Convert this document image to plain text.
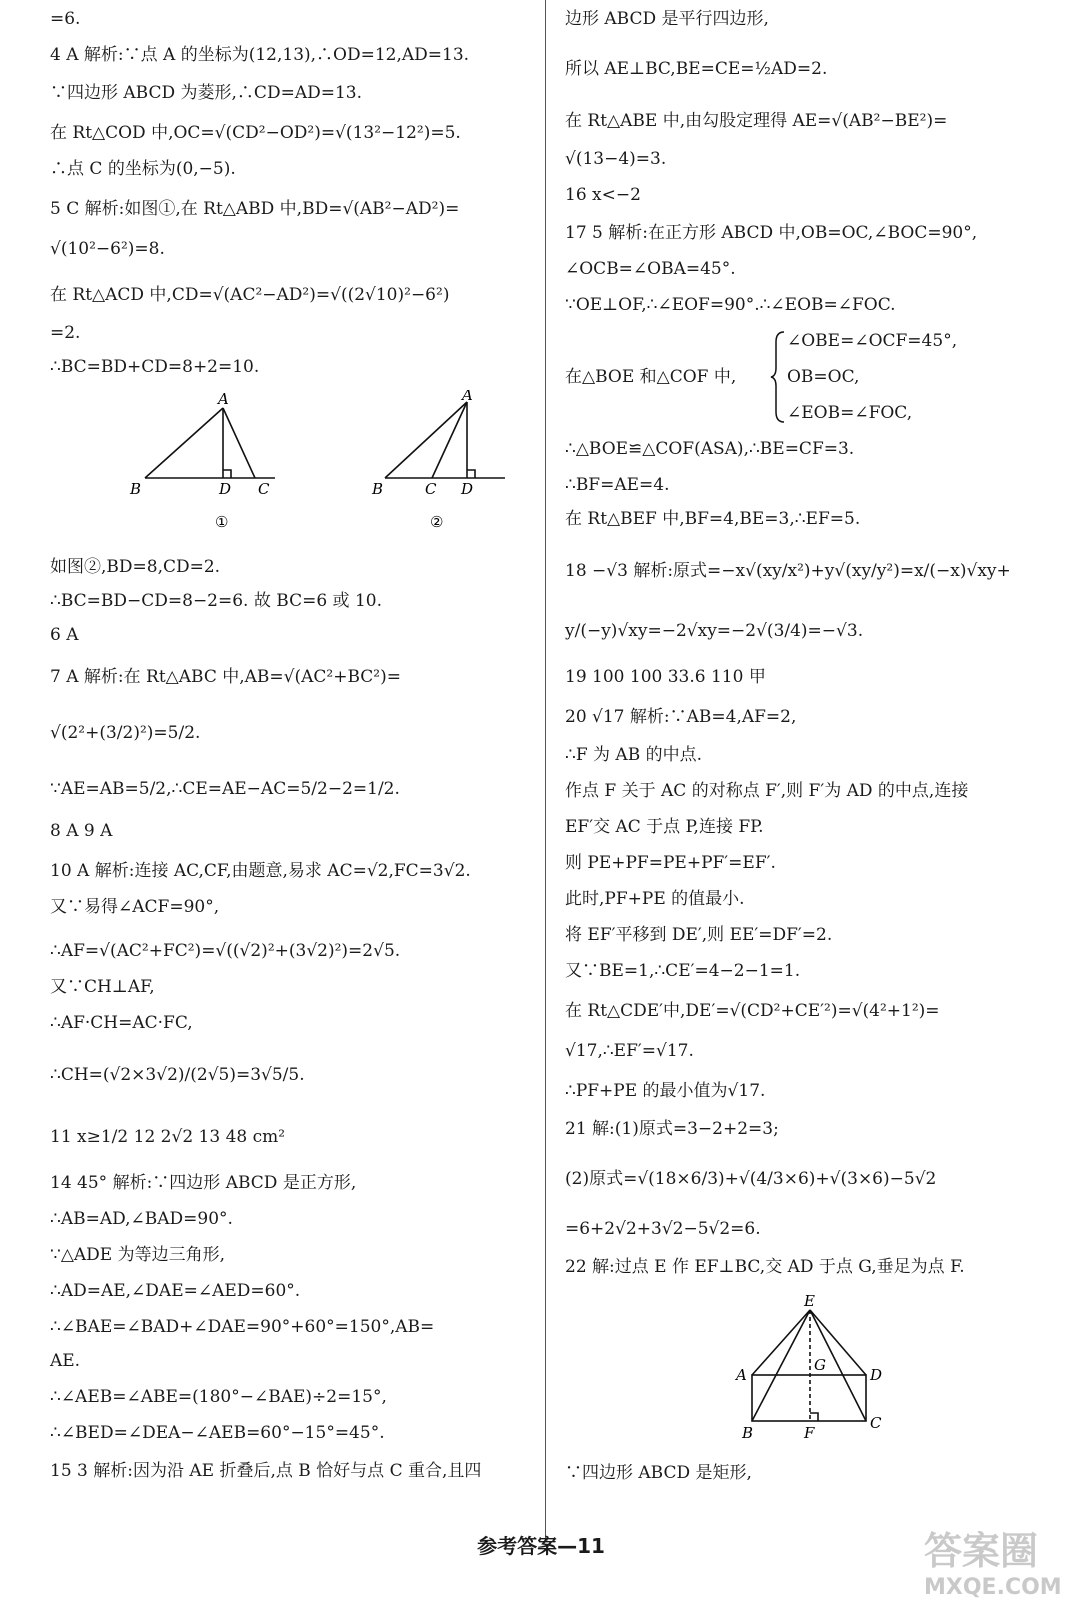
=6.
4 A 解析:∵点 A 的坐标为(12,13),∴OD=12,AD=13.
∵四边形 ABCD 为菱形,∴CD=AD=13.
在 Rt△COD 中,OC=√(CD²−OD²)=√(13²−12²)=5.
∴点 C 的坐标为(0,−5).
5 C 解析:如图①,在 Rt△ABD 中,BD=√(AB²−AD²)=
√(10²−6²)=8.
在 Rt△ACD 中,CD=√(AC²−AD²)=√((2√10)²−6²)
=2.
∴BC=BD+CD=8+2=10.
A
B	D C
①
A
B	C D
②
如图②,BD=8,CD=2.
∴BC=BD−CD=8−2=6. 故 BC=6 或 10.
6 A
7 A 解析:在 Rt△ABC 中,AB=√(AC²+BC²)=
√(2²+(3/2)²)=5/2.
∵AE=AB=5/2,∴CE=AE−AC=5/2−2=1/2.
8 A 9 A
10 A 解析:连接 AC,CF,由题意,易求 AC=√2,FC=3√2.
又∵易得∠ACF=90°,
∴AF=√(AC²+FC²)=√((√2)²+(3√2)²)=2√5.
又∵CH⊥AF,
∴AF·CH=AC·FC,
∴CH=(√2×3√2)/(2√5)=3√5/5.
11 x≥1/2 12 2√2 13 48 cm²
14 45° 解析:∵四边形 ABCD 是正方形,
∴AB=AD,∠BAD=90°.
∵△ADE 为等边三角形,
∴AD=AE,∠DAE=∠AED=60°.
∴∠BAE=∠BAD+∠DAE=90°+60°=150°,AB=
AE.
∴∠AEB=∠ABE=(180°−∠BAE)÷2=15°,
∴∠BED=∠DEA−∠AEB=60°−15°=45°.
15 3 解析:因为沿 AE 折叠后,点 B 恰好与点 C 重合,且四
边形 ABCD 是平行四边形,
所以 AE⊥BC,BE=CE=½AD=2.
在 Rt△ABE 中,由勾股定理得 AE=√(AB²−BE²)=
√(13−4)=3.
16 x<−2
17 5 解析:在正方形 ABCD 中,OB=OC,∠BOC=90°,
∠OCB=∠OBA=45°.
∵OE⊥OF,∴∠EOF=90°.∴∠EOB=∠FOC.
∠OBE=∠OCF=45°,
在△BOE 和△COF 中,	OB=OC,
∠EOB=∠FOC,
∴△BOE≌△COF(ASA),∴BE=CF=3.
∴BF=AE=4.
在 Rt△BEF 中,BF=4,BE=3,∴EF=5.
18 −√3 解析:原式=−x√(xy/x²)+y√(xy/y²)=x/(−x)√xy+
y/(−y)√xy=−2√xy=−2√(3/4)=−√3.
19 100 100 33.6 110 甲
20 √17 解析:∵AB=4,AF=2,
∴F 为 AB 的中点.
作点 F 关于 AC 的对称点 F′,则 F′为 AD 的中点,连接
EF′交 AC 于点 P,连接 FP.
则 PE+PF=PE+PF′=EF′.
此时,PF+PE 的值最小.
将 EF′平移到 DE′,则 EE′=DF′=2.
又∵BE=1,∴CE′=4−2−1=1.
在 Rt△CDE′中,DE′=√(CD²+CE′²)=√(4²+1²)=
√17,∴EF′=√17.
∴PF+PE 的最小值为√17.
21 解:(1)原式=3−2+2=3;
(2)原式=√(18×6/3)+√(4/3×6)+√(3×6)−5√2
=6+2√2+3√2−5√2=6.
22 解:过点 E 作 EF⊥BC,交 AD 于点 G,垂足为点 F.
E
G
A	D
B	F
C
∵四边形 ABCD 是矩形,
参考答案—11	答案圈
MXQE.COM
